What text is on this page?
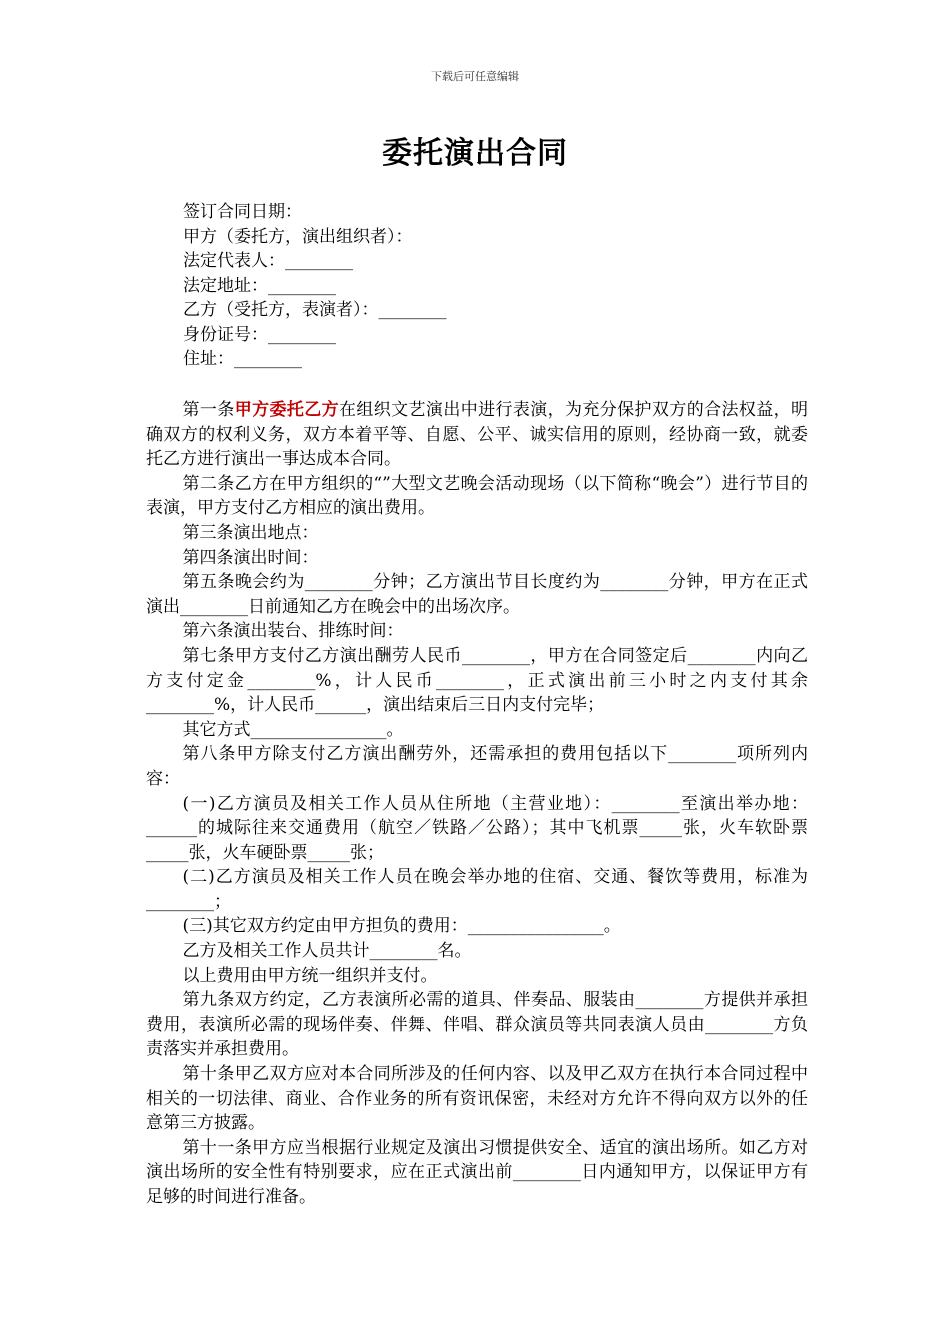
下载后可任意编辑
委托演出合同
签订合同日期：
甲方（委托方，演出组织者）：
法定代表人：________
法定地址：________
乙方（受托方，表演者）：________
身份证号：________
住址：________

第一条甲方委托乙方在组织文艺演出中进行表演，为充分保护双方的合法权益，明确双方的权利义务，双方本着平等、自愿、公平、诚实信用的原则，经协商一致，就委托乙方进行演出一事达成本合同。

第二条乙方在甲方组织的“”大型文艺晚会活动现场（以下简称“晚会”）进行节目的表演，甲方支付乙方相应的演出费用。

第三条演出地点：

第四条演出时间：

第五条晚会约为________分钟；乙方演出节目长度约为________分钟，甲方在正式演出________日前通知乙方在晚会中的出场次序。

第六条演出装台、排练时间：

第七条甲方支付乙方演出酬劳人民币________，甲方在合同签定后________内向乙方支付定金________%，计人民币________，正式演出前三小时之内支付其余________%，计人民币______，演出结束后三日内支付完毕；

其它方式________________。

第八条甲方除支付乙方演出酬劳外，还需承担的费用包括以下________项所列内容：

(一)乙方演员及相关工作人员从住所地（主营业地）：________至演出举办地：______的城际往来交通费用（航空／铁路／公路）；其中飞机票_____张，火车软卧票_____张，火车硬卧票_____张；

(二)乙方演员及相关工作人员在晚会举办地的住宿、交通、餐饮等费用，标准为________；

(三)其它双方约定由甲方担负的费用：________________。

乙方及相关工作人员共计________名。

以上费用由甲方统一组织并支付。

第九条双方约定，乙方表演所必需的道具、伴奏品、服装由________方提供并承担费用，表演所必需的现场伴奏、伴舞、伴唱、群众演员等共同表演人员由________方负责落实并承担费用。

第十条甲乙双方应对本合同所涉及的任何内容、以及甲乙双方在执行本合同过程中相关的一切法律、商业、合作业务的所有资讯保密，未经对方允许不得向双方以外的任意第三方披露。

第十一条甲方应当根据行业规定及演出习惯提供安全、适宜的演出场所。如乙方对演出场所的安全性有特别要求，应在正式演出前________日内通知甲方，以保证甲方有足够的时间进行准备。
